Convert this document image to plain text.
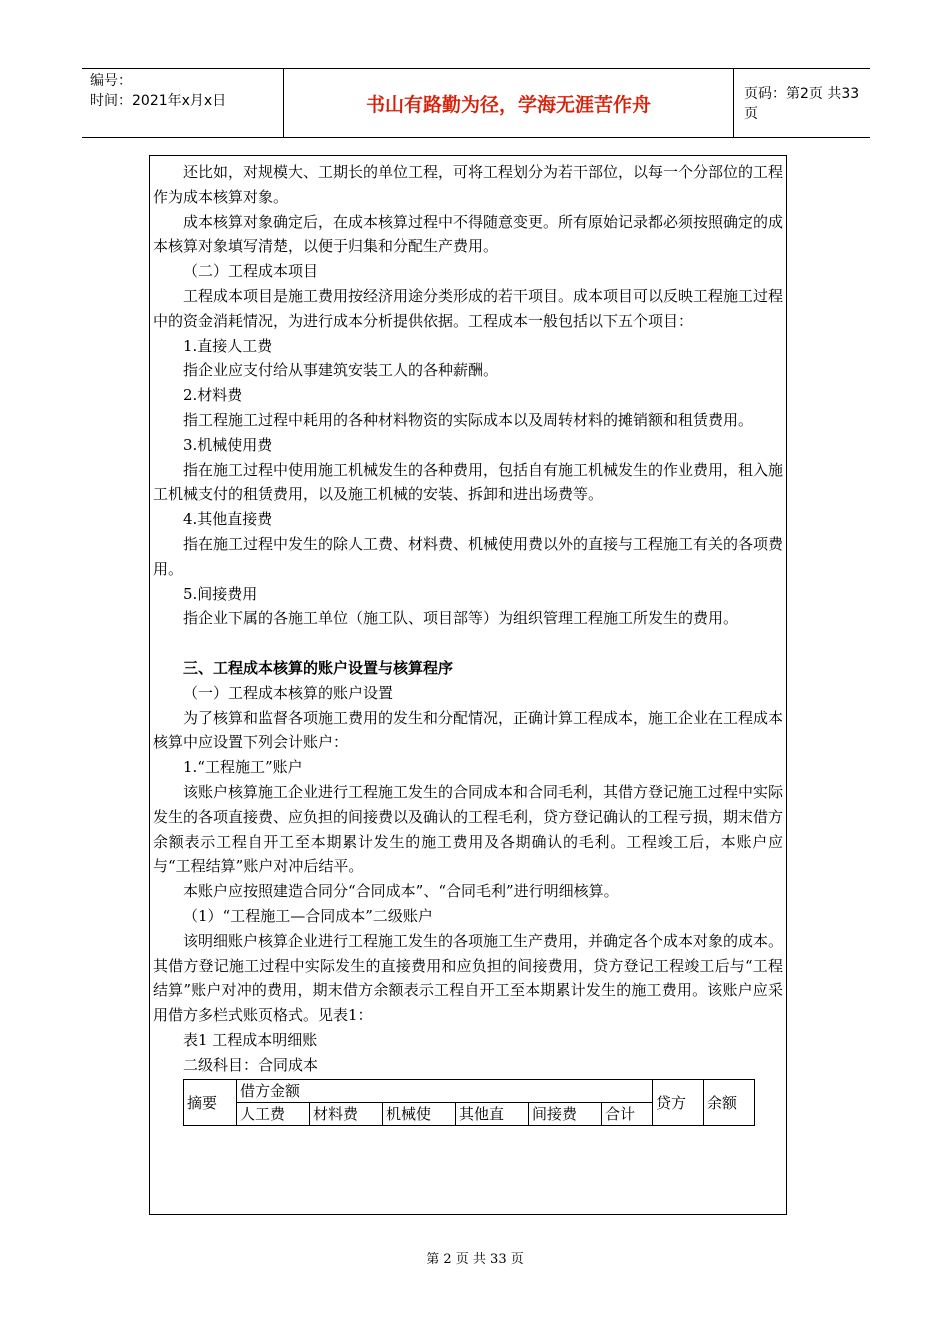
编号：
时间：2021年x月x日	书山有路勤为径，学海无涯苦作舟	页码：第2页 共33页

还比如，对规模大、工期长的单位工程，可将工程划分为若干部位，以每一个分部位的工程作为成本核算对象。

成本核算对象确定后，在成本核算过程中不得随意变更。所有原始记录都必须按照确定的成本核算对象填写清楚，以便于归集和分配生产费用。

（二）工程成本项目

工程成本项目是施工费用按经济用途分类形成的若干项目。成本项目可以反映工程施工过程中的资金消耗情况，为进行成本分析提供依据。工程成本一般包括以下五个项目：

1.直接人工费

指企业应支付给从事建筑安装工人的各种薪酬。

2.材料费

指工程施工过程中耗用的各种材料物资的实际成本以及周转材料的摊销额和租赁费用。

3.机械使用费

指在施工过程中使用施工机械发生的各种费用，包括自有施工机械发生的作业费用，租入施工机械支付的租赁费用，以及施工机械的安装、拆卸和进出场费等。

4.其他直接费

指在施工过程中发生的除人工费、材料费、机械使用费以外的直接与工程施工有关的各项费用。

5.间接费用

指企业下属的各施工单位（施工队、项目部等）为组织管理工程施工所发生的费用。

三、工程成本核算的账户设置与核算程序

（一）工程成本核算的账户设置

为了核算和监督各项施工费用的发生和分配情况，正确计算工程成本，施工企业在工程成本核算中应设置下列会计账户：

1.“工程施工”账户

该账户核算施工企业进行工程施工发生的合同成本和合同毛利，其借方登记施工过程中实际发生的各项直接费、应负担的间接费以及确认的工程毛利，贷方登记确认的工程亏损，期末借方余额表示工程自开工至本期累计发生的施工费用及各期确认的毛利。工程竣工后，本账户应与“工程结算”账户对冲后结平。

本账户应按照建造合同分“合同成本”、“合同毛利”进行明细核算。

（1）“工程施工—合同成本”二级账户

该明细账户核算企业进行工程施工发生的各项施工生产费用，并确定各个成本对象的成本。其借方登记施工过程中实际发生的直接费用和应负担的间接费用，贷方登记工程竣工后与“工程结算”账户对冲的费用，期末借方余额表示工程自开工至本期累计发生的施工费用。该账户应采用借方多栏式账页格式。见表1：

表1 工程成本明细账

二级科目：合同成本

摘要	借方金额						贷方	余额
	人工费	材料费	机械使	其他直	间接费	合计		
第 2 页 共 33 页
